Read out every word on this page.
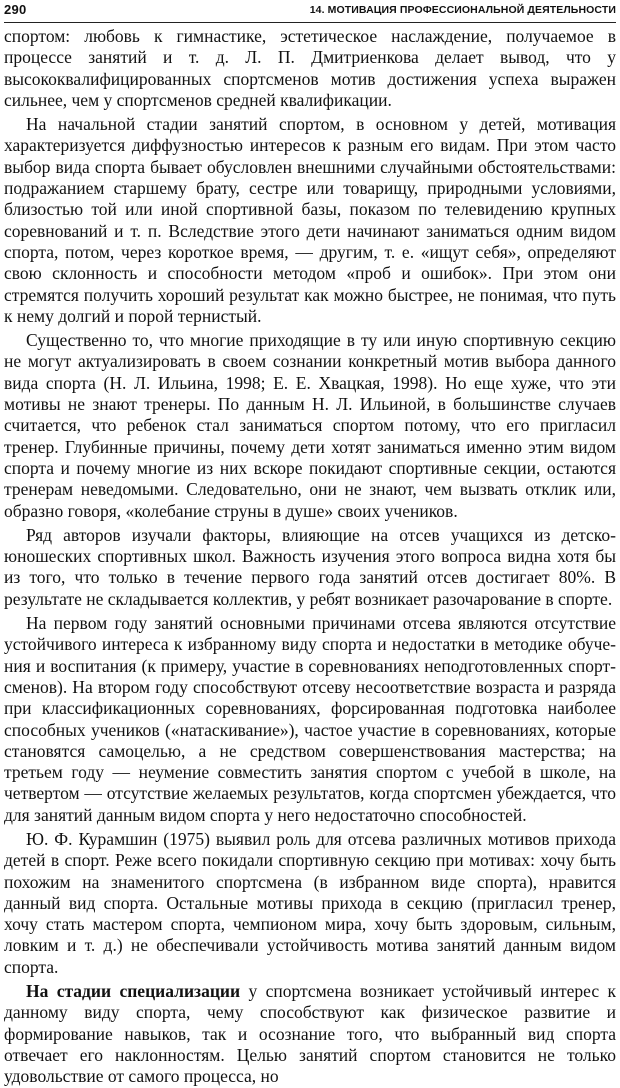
290	14. МОТИВАЦИЯ ПРОФЕССИОНАЛЬНОЙ ДЕЯТЕЛЬНОСТИ

спортом: любовь к гимнастике, эстетическое наслаждение, получаемое в процессе занятий и т. д. Л. П. Дмитриенкова делает вывод, что у высококвалифицированных спортсменов мотив достижения успеха выражен сильнее, чем у спортсменов средней квалификации.

На начальной стадии занятий спортом, в основном у детей, мотивация характеризуется диффузностью интересов к разным его видам. При этом часто выбор вида спорта бывает обусловлен внешними случайными обстоятельствами: подражанием старшему брату, сестре или товарищу, природными условиями, близостью той или иной спортивной базы, показом по телевидению крупных соревнований и т. п. Вследствие этого дети начинают заниматься одним видом спорта, потом, через короткое время, — другим, т. е. «ищут себя», определяют свою склонность и способности методом «проб и ошибок». При этом они стремятся получить хороший результат как можно быстрее, не понимая, что путь к нему долгий и порой тернистый.

Существенно то, что многие приходящие в ту или иную спортивную секцию не могут актуализировать в своем сознании конкретный мотив выбора данного вида спорта (Н. Л. Ильина, 1998; Е. Е. Хвацкая, 1998). Но еще хуже, что эти мотивы не знают тренеры. По данным Н. Л. Ильиной, в большинстве случаев считается, что ребенок стал заниматься спортом потому, что его пригласил тренер. Глубинные причины, почему дети хотят заниматься именно этим видом спорта и почему многие из них вскоре покидают спортивные секции, остаются тренерам неведомыми. Следовательно, они не знают, чем вызвать отклик или, образно говоря, «колебание струны в душе» своих учеников.

Ряд авторов изучали факторы, влияющие на отсев учащихся из детско-юношеских спортивных школ. Важность изучения этого вопроса видна хотя бы из того, что только в течение первого года занятий отсев достигает 80%. В результате не складывается коллектив, у ребят возникает разочарование в спорте.

На первом году занятий основными причинами отсева являются отсутствие устойчивого интереса к избранному виду спорта и недостатки в методике обучения и воспитания (к примеру, участие в соревнованиях неподготовленных спортсменов). На втором году способствуют отсеву несоответствие возраста и разряда при классификационных соревнованиях, форсированная подготовка наиболее способных учеников («натаскивание»), частое участие в соревнованиях, которые становятся самоцелью, а не средством совершенствования мастерства; на третьем году — неумение совместить занятия спортом с учебой в школе, на четвертом — отсутствие желаемых результатов, когда спортсмен убеждается, что для занятий данным видом спорта у него недостаточно способностей.

Ю. Ф. Курамшин (1975) выявил роль для отсева различных мотивов прихода детей в спорт. Реже всего покидали спортивную секцию при мотивах: хочу быть похожим на знаменитого спортсмена (в избранном виде спорта), нравится данный вид спорта. Остальные мотивы прихода в секцию (пригласил тренер, хочу стать мастером спорта, чемпионом мира, хочу быть здоровым, сильным, ловким и т. д.) не обеспечивали устойчивость мотива занятий данным видом спорта.

На стадии специализации у спортсмена возникает устойчивый интерес к данному виду спорта, чему способствуют как физическое развитие и формирование навыков, так и осознание того, что выбранный вид спорта отвечает его наклонностям. Целью занятий спортом становится не только удовольствие от самого процесса, но
